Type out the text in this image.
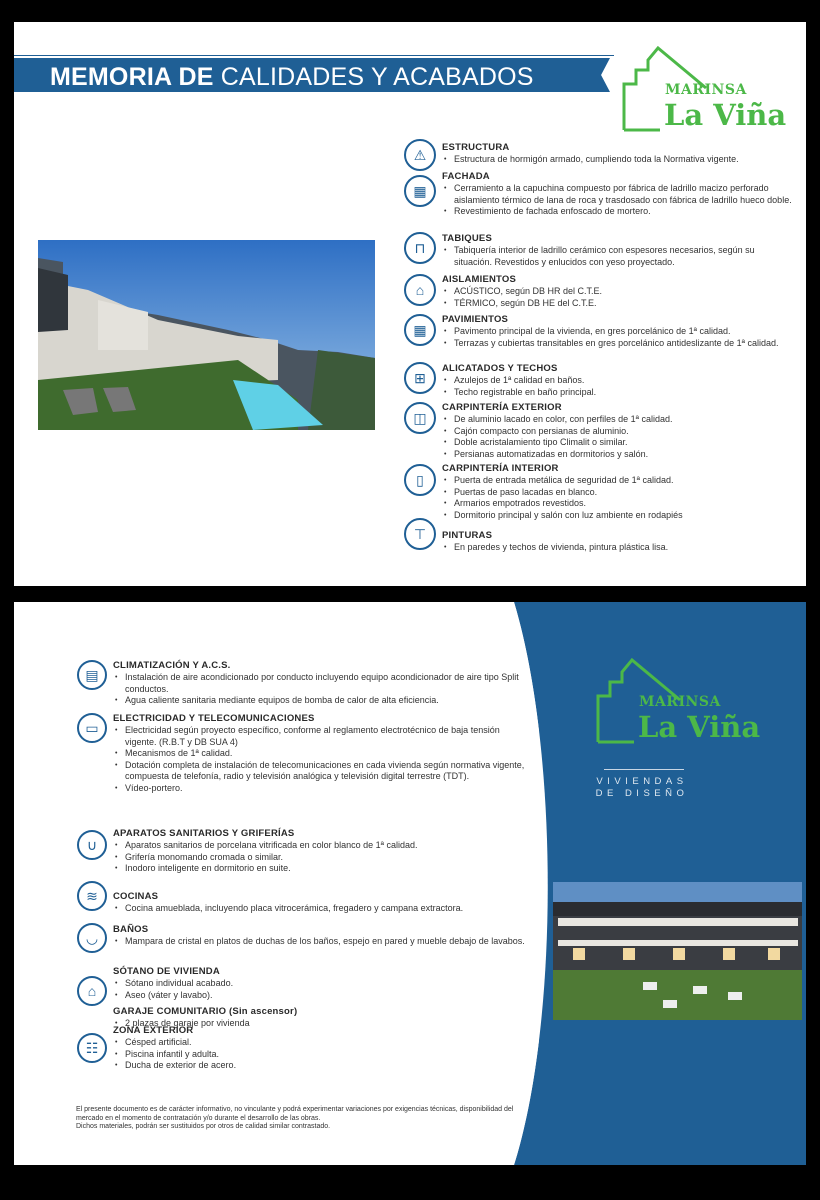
MEMORIA DE CALIDADES Y ACABADOS	MARINSA
La Viña
ESTRUCTURA
• Estructura de hormigón armado, cumpliendo toda la Normativa vigente.
⚠
FACHADA
• Cerramiento a la capuchina compuesto por fábrica de ladrillo macizo perforado aislamiento térmico de lana de roca y trasdosado con fábrica de ladrillo hueco doble.
• Revestimiento de fachada enfoscado de mortero.
▦
TABIQUES
• Tabiquería interior de ladrillo cerámico con espesores necesarios, según su situación. Revestidos y enlucidos con yeso proyectado.
⊓
AISLAMIENTOS
• ACÚSTICO, según DB HR del C.T.E.
• TÉRMICO, según DB HE del C.T.E.
⌂
PAVIMIENTOS
• Pavimento principal de la vivienda, en gres porcelánico de 1ª calidad.
• Terrazas y cubiertas transitables en gres porcelánico antideslizante de 1ª calidad.
▦
ALICATADOS Y TECHOS
• Azulejos de 1ª calidad en baños.
• Techo registrable en baño principal.
⊞
CARPINTERÍA EXTERIOR
• De aluminio lacado en color, con perfiles de 1ª calidad.
• Cajón compacto con persianas de aluminio.
• Doble acristalamiento tipo Climalit o similar.
• Persianas automatizadas en dormitorios y salón.
◫
CARPINTERÍA INTERIOR
• Puerta de entrada metálica de seguridad de 1ª calidad.
• Puertas de paso lacadas en blanco.
• Armarios empotrados revestidos.
• Dormitorio principal y salón con luz ambiente en rodapiés
▯
PINTURAS
• En paredes y techos de vivienda, pintura plástica lisa.
⊤
MARINSA
La Viña
VIVIENDAS
DE DISEÑO
CLIMATIZACIÓN Y A.C.S.
• Instalación de aire acondicionado por conducto incluyendo equipo acondicionador de aire tipo Split conductos.
• Agua caliente sanitaria mediante equipos de bomba de calor de alta eficiencia.
▤
ELECTRICIDAD Y TELECOMUNICACIONES
• Electricidad según proyecto específico, conforme al reglamento electrotécnico de baja tensión vigente. (R.B.T y DB SUA 4)
• Mecanismos de 1ª calidad.
• Dotación completa de instalación de telecomunicaciones en cada vivienda según normativa vigente, compuesta de telefonía, radio y televisión analógica y televisión digital terrestre (TDT).
• Vídeo-portero.
▭
APARATOS SANITARIOS Y GRIFERÍAS
• Aparatos sanitarios de porcelana vitrificada en color blanco de 1ª calidad.
• Grifería monomando cromada o similar.
• Inodoro inteligente en dormitorio en suite.
∪
COCINAS
• Cocina amueblada, incluyendo placa vitrocerámica, fregadero y campana extractora.
≋
BAÑOS
• Mampara de cristal en platos de duchas de los baños, espejo en pared y mueble debajo de lavabos.
◡
SÓTANO DE VIVIENDA
• Sótano individual acabado.
• Aseo (váter y lavabo).
⌂
GARAJE COMUNITARIO (Sin ascensor)
• 2 plazas de garaje por vivienda
ZONA EXTERIOR
• Césped artificial.
• Piscina infantil y adulta.
• Ducha de exterior de acero.
☷
El presente documento es de carácter informativo, no vinculante y podrá experimentar variaciones por exigencias técnicas, disponibilidad del mercado en el momento de contratación y/o durante el desarrollo de las obras.
Dichos materiales, podrán ser sustituidos por otros de calidad similar contrastado.
